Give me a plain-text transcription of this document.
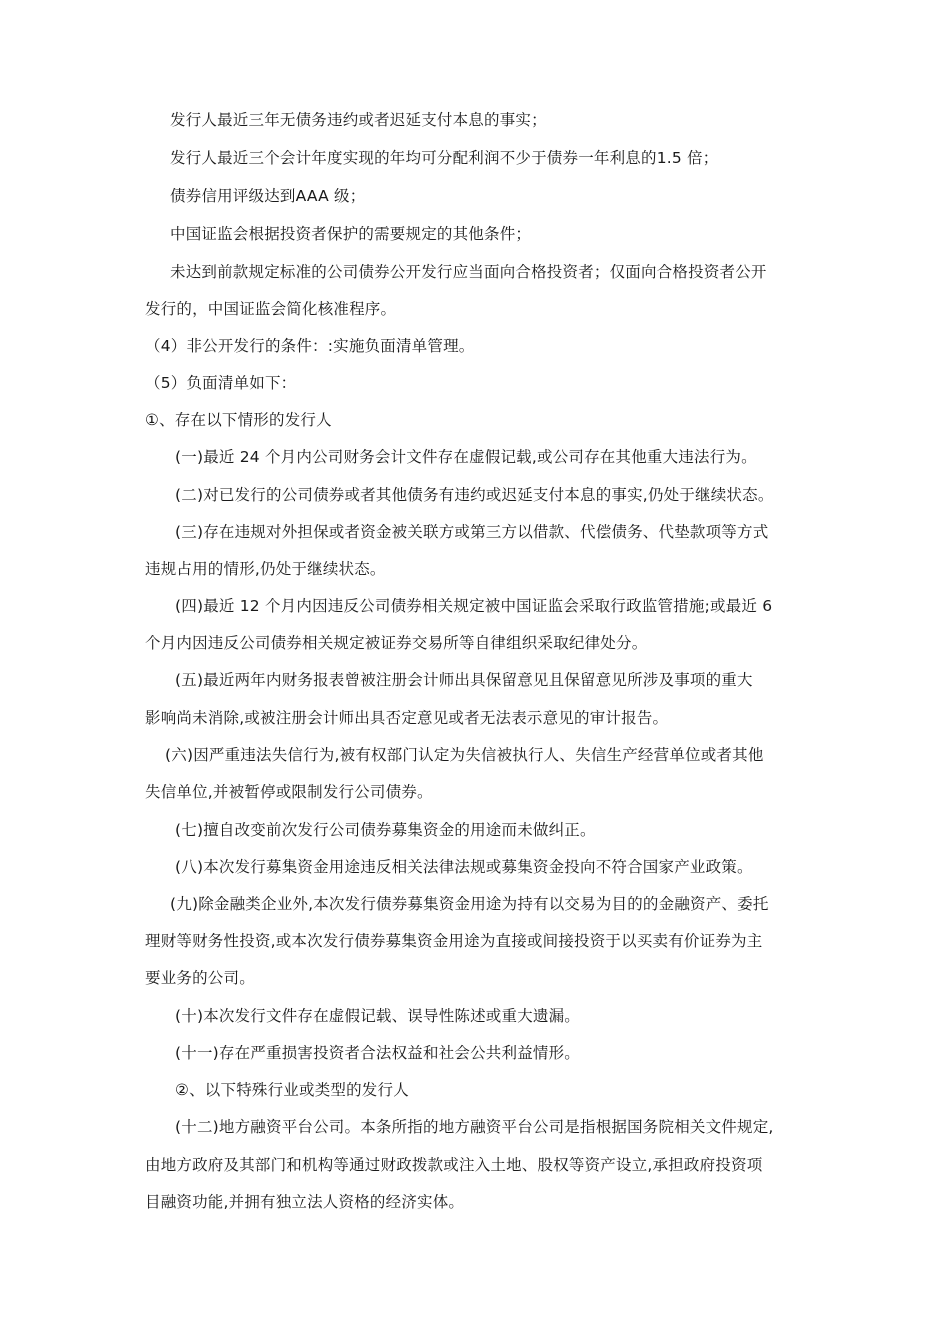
发行人最近三年无债务违约或者迟延支付本息的事实；
发行人最近三个会计年度实现的年均可分配利润不少于债券一年利息的1.5 倍；
债券信用评级达到AAA 级；
中国证监会根据投资者保护的需要规定的其他条件；
未达到前款规定标准的公司债券公开发行应当面向合格投资者；仅面向合格投资者公开
发行的，中国证监会简化核准程序。
（4）非公开发行的条件：:实施负面清单管理。
（5）负面清单如下：
①、存在以下情形的发行人
(一)最近 24 个月内公司财务会计文件存在虚假记载,或公司存在其他重大违法行为。
(二)对已发行的公司债券或者其他债务有违约或迟延支付本息的事实,仍处于继续状态。
(三)存在违规对外担保或者资金被关联方或第三方以借款、代偿债务、代垫款项等方式
违规占用的情形,仍处于继续状态。
(四)最近 12 个月内因违反公司债券相关规定被中国证监会采取行政监管措施;或最近 6
个月内因违反公司债券相关规定被证券交易所等自律组织采取纪律处分。
(五)最近两年内财务报表曾被注册会计师出具保留意见且保留意见所涉及事项的重大
影响尚未消除,或被注册会计师出具否定意见或者无法表示意见的审计报告。
(六)因严重违法失信行为,被有权部门认定为失信被执行人、失信生产经营单位或者其他
失信单位,并被暂停或限制发行公司债券。
(七)擅自改变前次发行公司债券募集资金的用途而未做纠正。
(八)本次发行募集资金用途违反相关法律法规或募集资金投向不符合国家产业政策。
(九)除金融类企业外,本次发行债券募集资金用途为持有以交易为目的的金融资产、委托
理财等财务性投资,或本次发行债券募集资金用途为直接或间接投资于以买卖有价证券为主
要业务的公司。
(十)本次发行文件存在虚假记载、误导性陈述或重大遗漏。
(十一)存在严重损害投资者合法权益和社会公共利益情形。
②、以下特殊行业或类型的发行人
(十二)地方融资平台公司。本条所指的地方融资平台公司是指根据国务院相关文件规定,
由地方政府及其部门和机构等通过财政拨款或注入土地、股权等资产设立,承担政府投资项
目融资功能,并拥有独立法人资格的经济实体。
